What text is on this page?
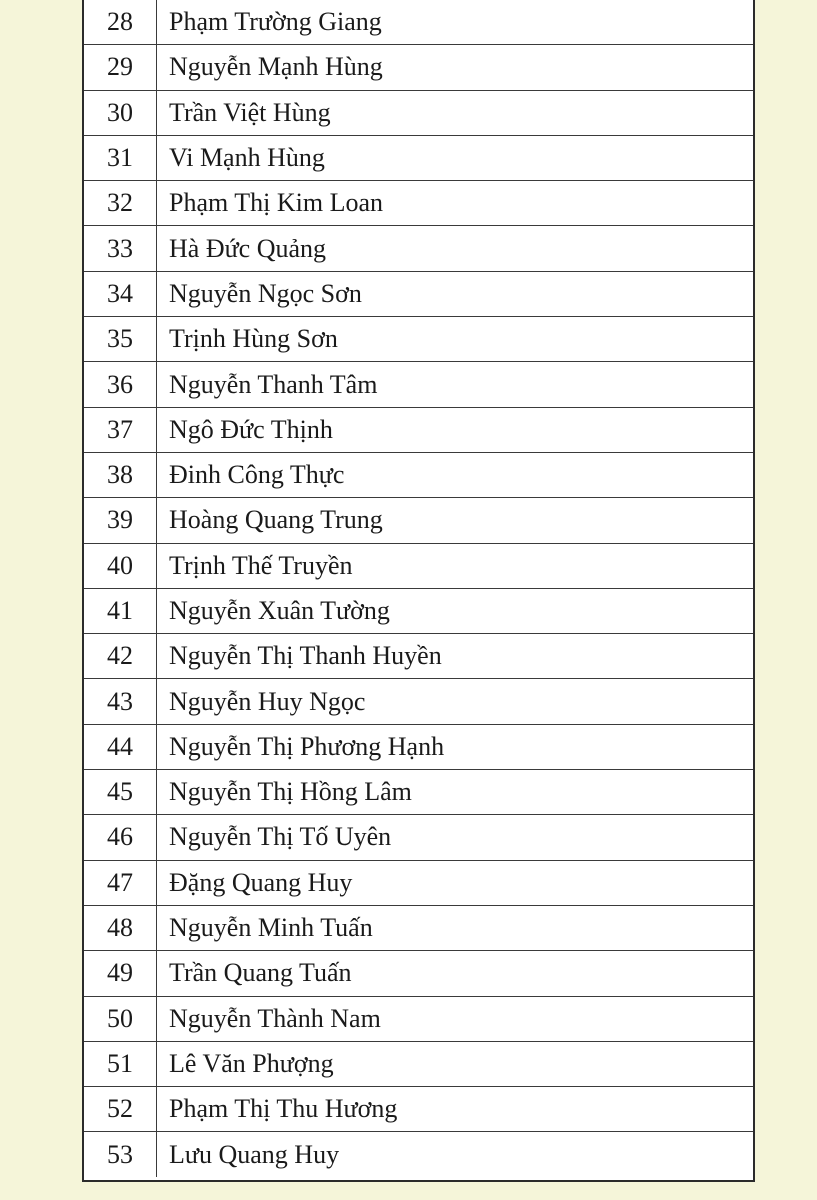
28	Phạm Trường Giang
29	Nguyễn Mạnh Hùng
30	Trần Việt Hùng
31	Vi Mạnh Hùng
32	Phạm Thị Kim Loan
33	Hà Đức Quảng
34	Nguyễn Ngọc Sơn
35	Trịnh Hùng Sơn
36	Nguyễn Thanh Tâm
37	Ngô Đức Thịnh
38	Đinh Công Thực
39	Hoàng Quang Trung
40	Trịnh Thế Truyền
41	Nguyễn Xuân Tường
42	Nguyễn Thị Thanh Huyền
43	Nguyễn Huy Ngọc
44	Nguyễn Thị Phương Hạnh
45	Nguyễn Thị Hồng Lâm
46	Nguyễn Thị Tố Uyên
47	Đặng Quang Huy
48	Nguyễn Minh Tuấn
49	Trần Quang Tuấn
50	Nguyễn Thành Nam
51	Lê Văn Phượng
52	Phạm Thị Thu Hương
53	Lưu Quang Huy
